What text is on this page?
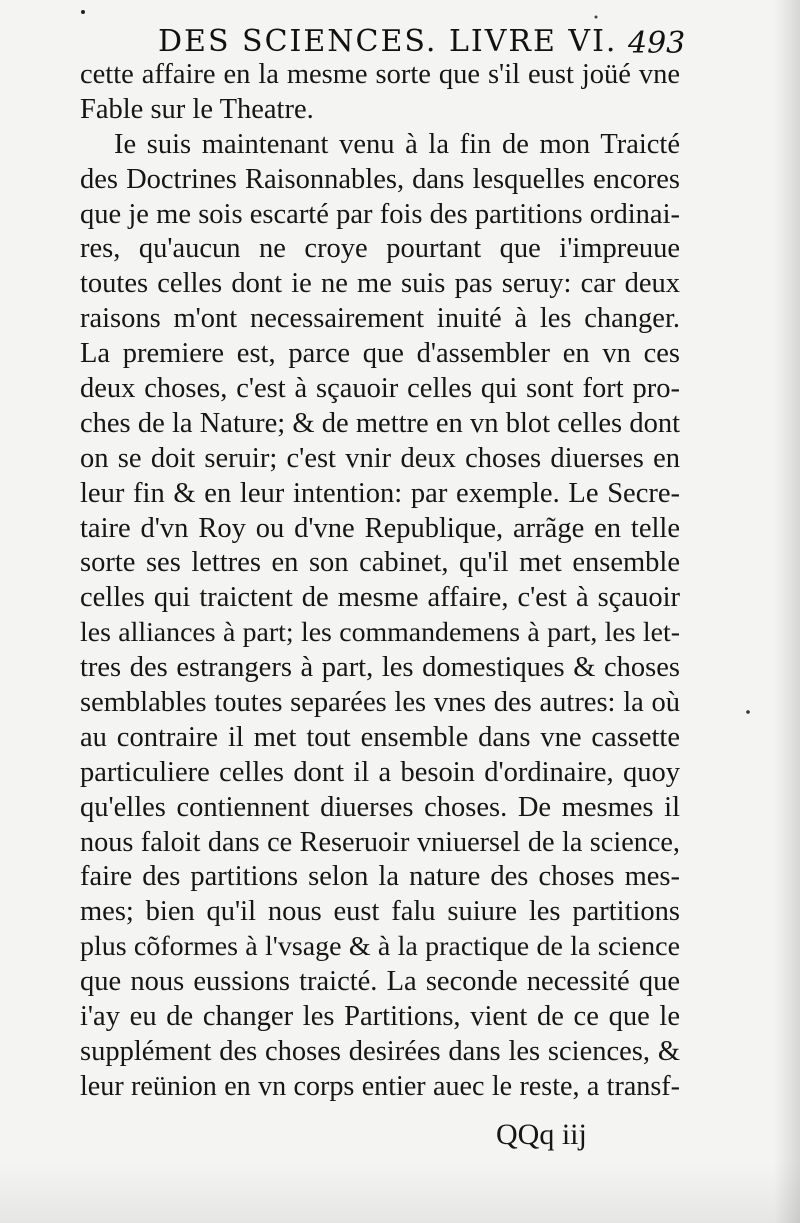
DES SCIENCES. LIVRE VI. 493
cette affaire en la mesme sorte que s'il eust joüé vne
Fable sur le Theatre.
Ie suis maintenant venu à la fin de mon Traicté
des Doctrines Raisonnables, dans lesquelles encores
que je me sois escarté par fois des partitions ordinai-
res, qu'aucun ne croye pourtant que i'impreuue
toutes celles dont ie ne me suis pas seruy: car deux
raisons m'ont necessairement inuité à les changer.
La premiere est, parce que d'assembler en vn ces
deux choses, c'est à sçauoir celles qui sont fort pro-
ches de la Nature; & de mettre en vn blot celles dont
on se doit seruir; c'est vnir deux choses diuerses en
leur fin & en leur intention: par exemple. Le Secre-
taire d'vn Roy ou d'vne Republique, arrãge en telle
sorte ses lettres en son cabinet, qu'il met ensemble
celles qui traictent de mesme affaire, c'est à sçauoir
les alliances à part; les commandemens à part, les let-
tres des estrangers à part, les domestiques & choses
semblables toutes separées les vnes des autres: la où
au contraire il met tout ensemble dans vne cassette
particuliere celles dont il a besoin d'ordinaire, quoy
qu'elles contiennent diuerses choses. De mesmes il
nous faloit dans ce Reseruoir vniuersel de la science,
faire des partitions selon la nature des choses mes-
mes; bien qu'il nous eust falu suiure les partitions
plus cõformes à l'vsage & à la practique de la science
que nous eussions traicté. La seconde necessité que
i'ay eu de changer les Partitions, vient de ce que le
supplément des choses desirées dans les sciences, &
leur reünion en vn corps entier auec le reste, a transf-
QQq iij
